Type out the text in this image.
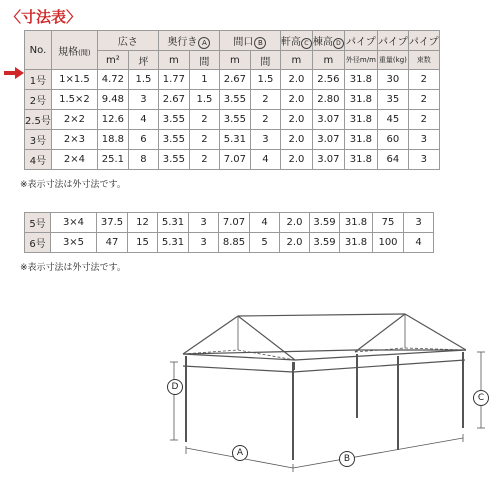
〈寸法表〉
No.	規格(間)	広さ		奥行き A		間口 B		軒高 C	棟高 D	パイプ	パイプ	パイプ
		m²	坪	m	間	m	間	m	m	外径m/m	重量(kg)	束数
1号	1×1.5	4.72	1.5	1.77	1	2.67	1.5	2.0	2.56	31.8	30	2
2号	1.5×2	9.48	3	2.67	1.5	3.55	2	2.0	2.80	31.8	35	2
2.5号	2×2	12.6	4	3.55	2	3.55	2	2.0	3.07	31.8	45	2
3号	2×3	18.8	6	3.55	2	5.31	3	2.0	3.07	31.8	60	3
4号	2×4	25.1	8	3.55	2	7.07	4	2.0	3.07	31.8	64	3
※表示寸法は外寸法です。
5号	3×4	37.5	12	5.31	3	7.07	4	2.0	3.59	31.8	75	3
6号	3×5	47	15	5.31	3	8.85	5	2.0	3.59	31.8	100	4
※表示寸法は外寸法です。
D
C
A
B
